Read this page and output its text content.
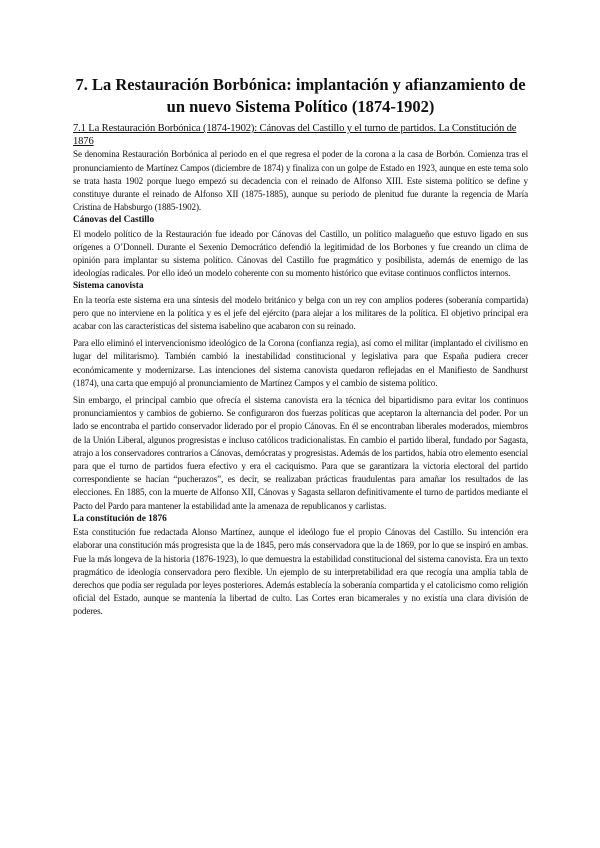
7. La Restauración Borbónica: implantación y afianzamiento de un nuevo Sistema Político (1874-1902)
7.1 La Restauración Borbónica (1874-1902): Cánovas del Castillo y el turno de partidos. La Constitución de 1876

Se denomina Restauración Borbónica al periodo en el que regresa el poder de la corona a la casa de Borbón. Comienza tras el pronunciamiento de Martínez Campos (diciembre de 1874) y finaliza con un golpe de Estado en 1923, aunque en este tema solo se trata hasta 1902 porque luego empezó su decadencia con el reinado de Alfonso XIII. Este sistema político se define y constituye durante el reinado de Alfonso XII (1875-1885), aunque su periodo de plenitud fue durante la regencia de María Cristina de Habsburgo (1885-1902).

Cánovas del Castillo

El modelo político de la Restauración fue ideado por Cánovas del Castillo, un político malagueño que estuvo ligado en sus orígenes a O’Donnell. Durante el Sexenio Democrático defendió la legitimidad de los Borbones y fue creando un clima de opinión para implantar su sistema político. Cánovas del Castillo fue pragmático y posibilista, además de enemigo de las ideologías radicales. Por ello ideó un modelo coherente con su momento histórico que evitase continuos conflictos internos.

Sistema canovista

En la teoría este sistema era una síntesis del modelo británico y belga con un rey con amplios poderes (soberanía compartida) pero que no interviene en la política y es el jefe del ejército (para alejar a los militares de la política. El objetivo principal era acabar con las características del sistema isabelino que acabaron con su reinado.

Para ello eliminó el intervencionismo ideológico de la Corona (confianza regia), así como el militar (implantado el civilismo en lugar del militarismo). También cambió la inestabilidad constitucional y legislativa para que España pudiera crecer económicamente y modernizarse. Las intenciones del sistema canovista quedaron reflejadas en el Manifiesto de Sandhurst (1874), una carta que empujó al pronunciamiento de Martínez Campos y el cambio de sistema político.

Sin embargo, el principal cambio que ofrecía el sistema canovista era la técnica del bipartidismo para evitar los continuos pronunciamientos y cambios de gobierno. Se configuraron dos fuerzas políticas que aceptaron la alternancia del poder. Por un lado se encontraba el partido conservador liderado por el propio Cánovas. En él se encontraban liberales moderados, miembros de la Unión Liberal, algunos progresistas e incluso católicos tradicionalistas. En cambio el partido liberal, fundado por Sagasta, atrajo a los conservadores contrarios a Cánovas, demócratas y progresistas. Además de los partidos, había otro elemento esencial para que el turno de partidos fuera efectivo y era el caciquismo. Para que se garantizara la victoria electoral del partido correspondiente se hacían “pucherazos”, es decir, se realizaban prácticas fraudulentas para amañar los resultados de las elecciones. En 1885, con la muerte de Alfonso XII, Cánovas y Sagasta sellaron definitivamente el turno de partidos mediante el Pacto del Pardo para mantener la estabilidad ante la amenaza de republicanos y carlistas.

La constitución de 1876

Esta constitución fue redactada Alonso Martínez, aunque el ideólogo fue el propio Cánovas del Castillo. Su intención era elaborar una constitución más progresista que la de 1845, pero más conservadora que la de 1869, por lo que se inspiró en ambas. Fue la más longeva de la historia (1876-1923), lo que demuestra la estabilidad constitucional del sistema canovista. Era un texto pragmático de ideología conservadora pero flexible. Un ejemplo de su interpretabilidad era que recogía una amplia tabla de derechos que podía ser regulada por leyes posteriores. Además establecía la soberanía compartida y el catolicismo como religión oficial del Estado, aunque se mantenía la libertad de culto. Las Cortes eran bicamerales y no existía una clara división de poderes.
